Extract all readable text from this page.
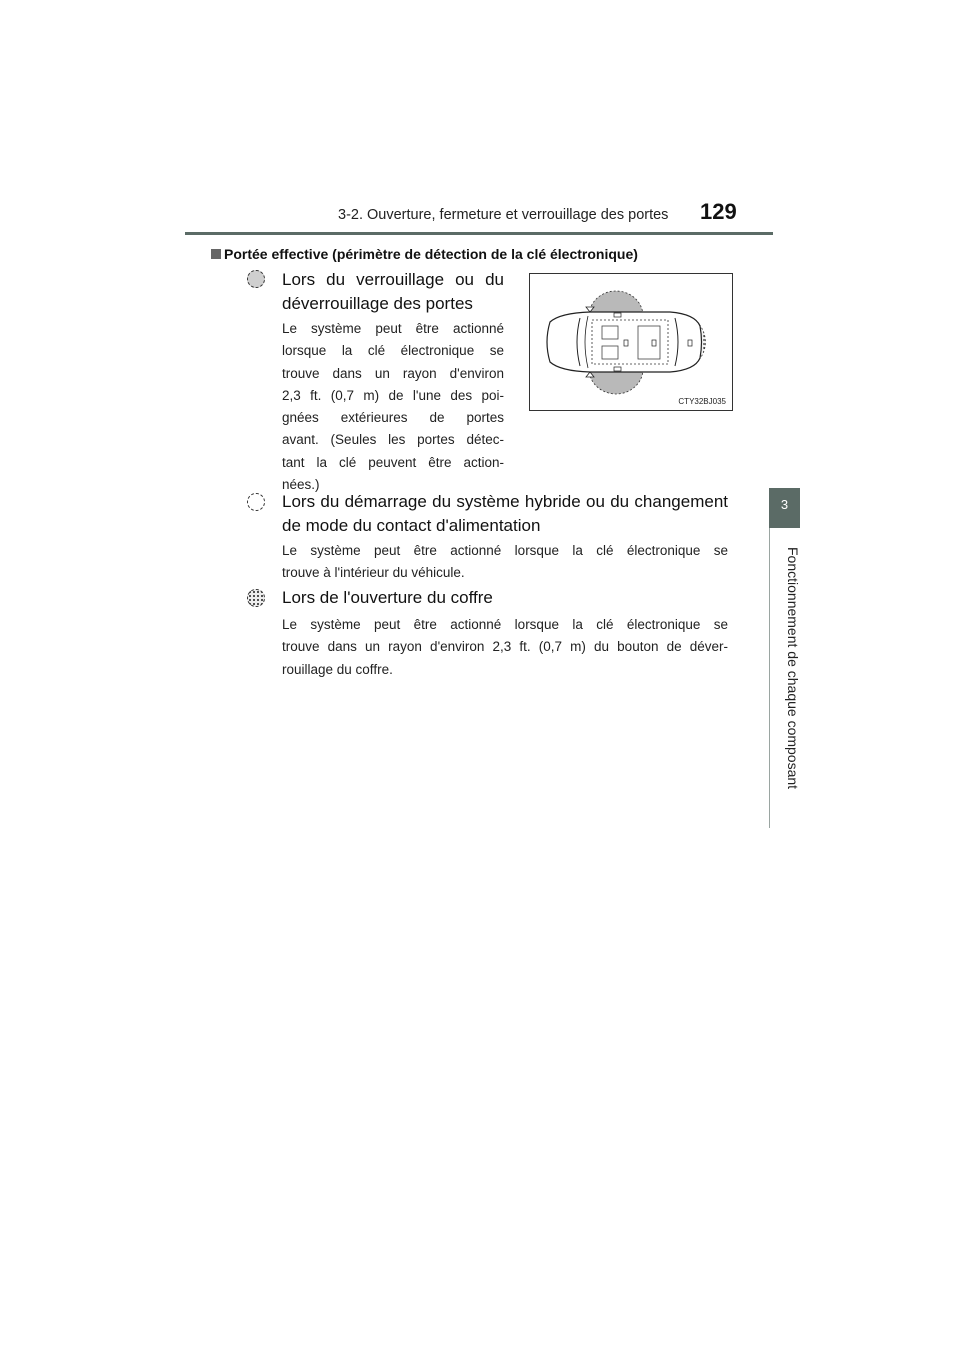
3-2. Ouverture, fermeture et verrouillage des portes 129
3
Fonctionnement de chaque composant
Portée effective (périmètre de détection de la clé électronique)
Lors du verrouillage ou du
déverrouillage des portes
Le système peut être actionné
lorsque la clé électronique se
trouve dans un rayon d'environ
2,3 ft. (0,7 m) de l'une des poi-
gnées extérieures de portes
avant. (Seules les portes détec-
tant la clé peuvent être action-
nées.)
CTY32BJ035
Lors du démarrage du système hybride ou du changement
de mode du contact d'alimentation
Le système peut être actionné lorsque la clé électronique se
trouve à l'intérieur du véhicule.
Lors de l'ouverture du coffre
Le système peut être actionné lorsque la clé électronique se
trouve dans un rayon d'environ 2,3 ft. (0,7 m) du bouton de déver-
rouillage du coffre.
